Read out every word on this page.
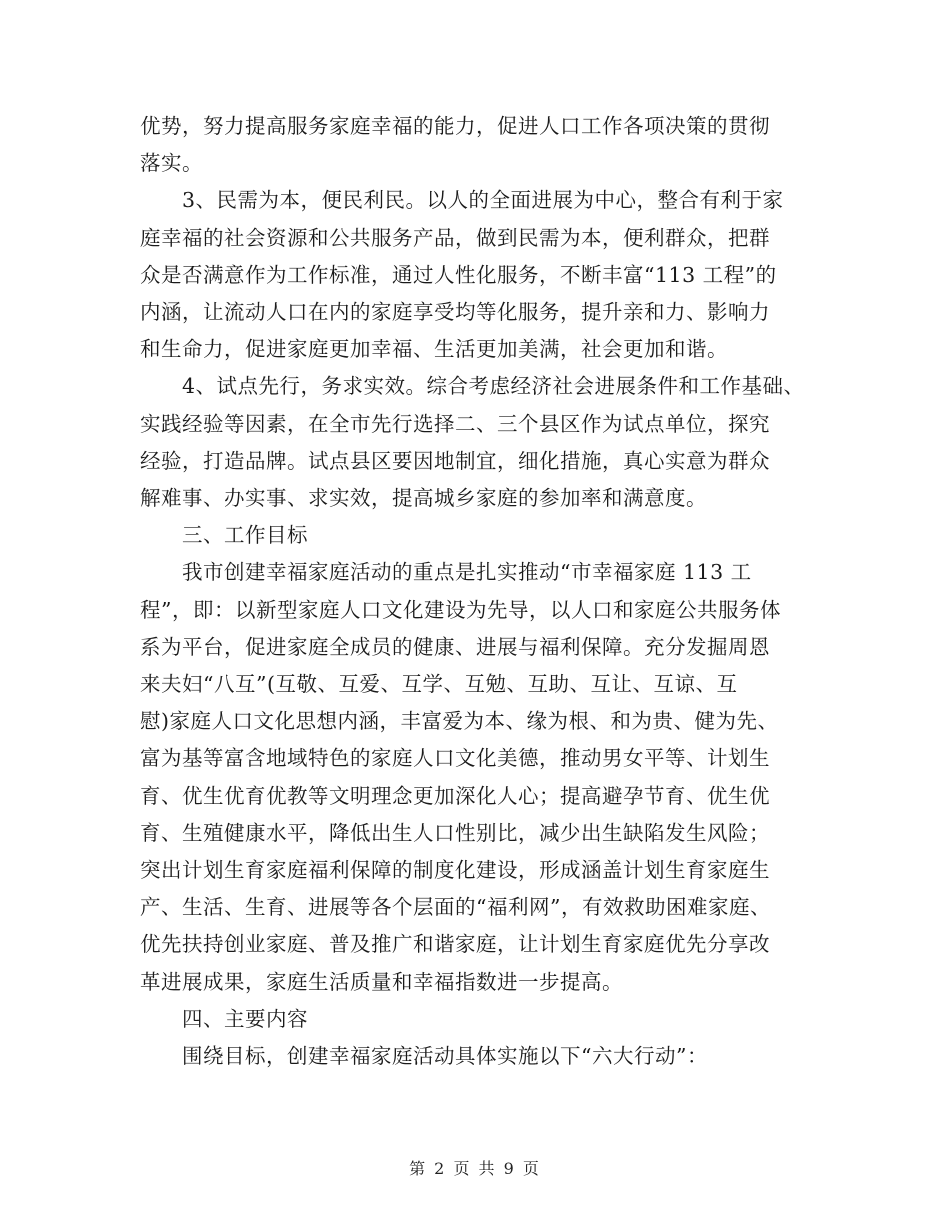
优势，努力提高服务家庭幸福的能力，促进人口工作各项决策的贯彻
落实。
　　3、民需为本，便民利民。以人的全面进展为中心，整合有利于家
庭幸福的社会资源和公共服务产品，做到民需为本，便利群众，把群
众是否满意作为工作标准，通过人性化服务，不断丰富“113 工程”的
内涵，让流动人口在内的家庭享受均等化服务，提升亲和力、影响力
和生命力，促进家庭更加幸福、生活更加美满，社会更加和谐。
　　4、试点先行，务求实效。综合考虑经济社会进展条件和工作基础、
实践经验等因素，在全市先行选择二、三个县区作为试点单位，探究
经验，打造品牌。试点县区要因地制宜，细化措施，真心实意为群众
解难事、办实事、求实效，提高城乡家庭的参加率和满意度。
　　三、工作目标
　　我市创建幸福家庭活动的重点是扎实推动“市幸福家庭 113 工
程”，即：以新型家庭人口文化建设为先导，以人口和家庭公共服务体
系为平台，促进家庭全成员的健康、进展与福利保障。充分发掘周恩
来夫妇“八互”(互敬、互爱、互学、互勉、互助、互让、互谅、互
慰)家庭人口文化思想内涵，丰富爱为本、缘为根、和为贵、健为先、
富为基等富含地域特色的家庭人口文化美德，推动男女平等、计划生
育、优生优育优教等文明理念更加深化人心；提高避孕节育、优生优
育、生殖健康水平，降低出生人口性别比，减少出生缺陷发生风险；
突出计划生育家庭福利保障的制度化建设，形成涵盖计划生育家庭生
产、生活、生育、进展等各个层面的“福利网”，有效救助困难家庭、
优先扶持创业家庭、普及推广和谐家庭，让计划生育家庭优先分享改
革进展成果，家庭生活质量和幸福指数进一步提高。
　　四、主要内容
　　围绕目标，创建幸福家庭活动具体实施以下“六大行动”：
第 2 页 共 9 页
